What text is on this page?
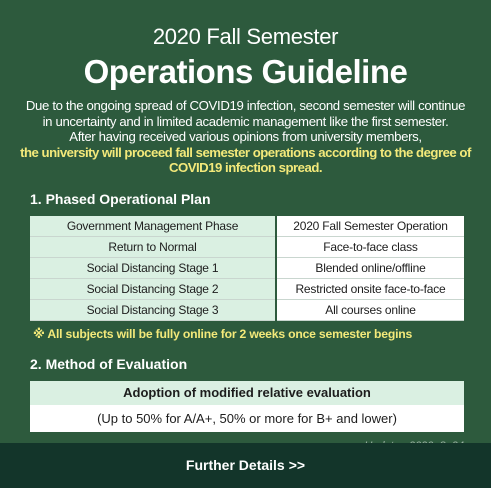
2020 Fall Semester
Operations Guideline
Due to the ongoing spread of COVID19 infection, second semester will continue
in uncertainty and in limited academic management like the first semester.
After having received various opinions from university members,
the university will proceed fall semester operations according to the degree of
COVID19 infection spread.
1. Phased Operational Plan
Government Management Phase	2020 Fall Semester Operation
Return to Normal	Face-to-face class
Social Distancing Stage 1	Blended online/offline
Social Distancing Stage 2	Restricted onsite face-to-face
Social Distancing Stage 3	All courses online
※ All subjects will be fully online for 2 weeks once semester begins
2. Method of Evaluation
Adoption of modified relative evaluation
(Up to 50% for A/A+, 50% or more for B+ and lower)
Further Details >>
